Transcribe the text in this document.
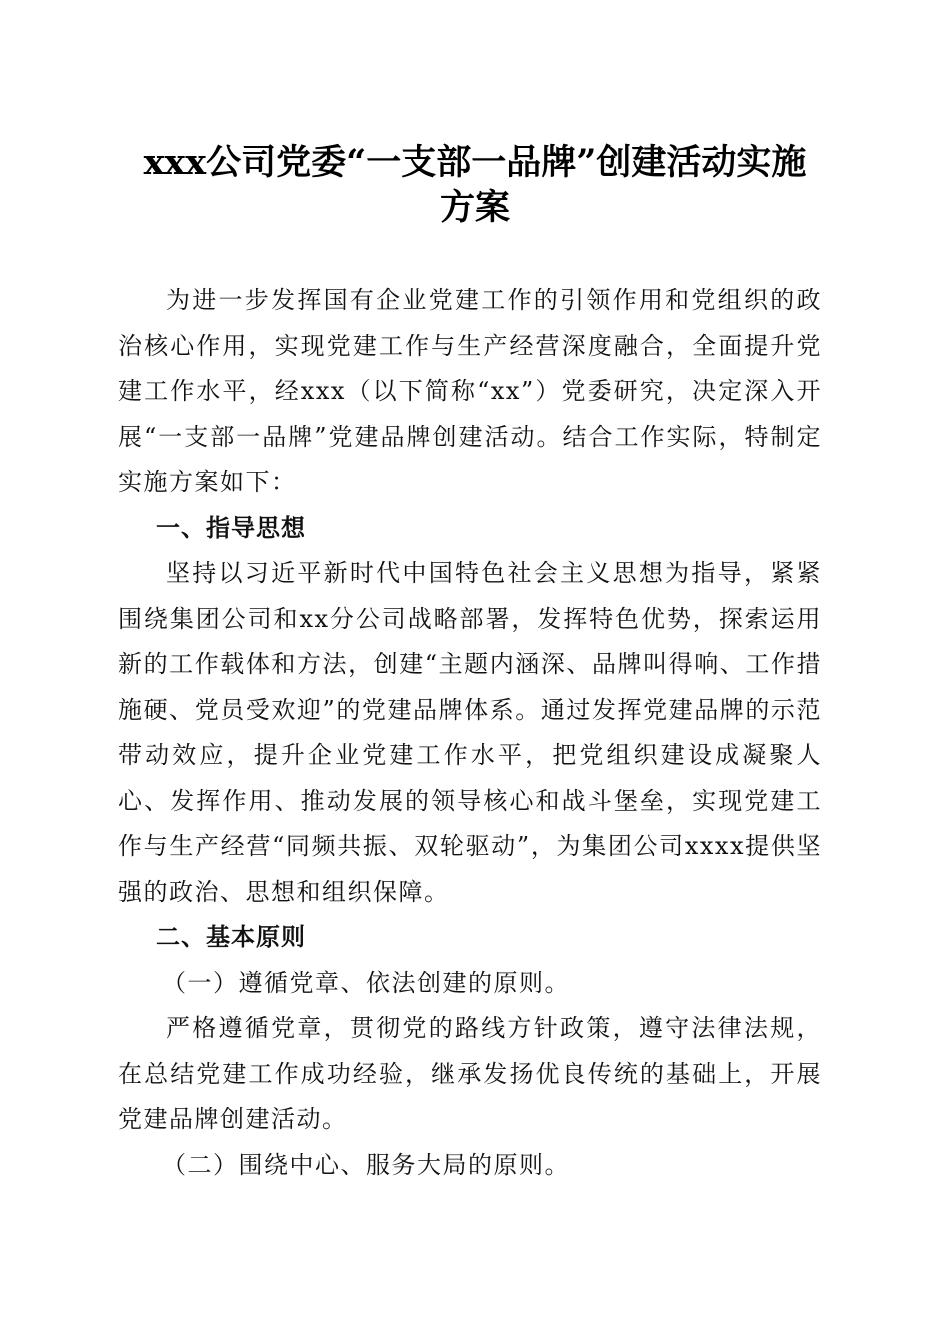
xxx公司党委“一支部一品牌”创建活动实施
方案

为进一步发挥国有企业党建工作的引领作用和党组织的政治核心作用，实现党建工作与生产经营深度融合，全面提升党建工作水平，经xxx（以下简称“xx”）党委研究，决定深入开展“一支部一品牌”党建品牌创建活动。结合工作实际，特制定实施方案如下：

一、指导思想

坚持以习近平新时代中国特色社会主义思想为指导，紧紧围绕集团公司和xx分公司战略部署，发挥特色优势，探索运用新的工作载体和方法，创建“主题内涵深、品牌叫得响、工作措施硬、党员受欢迎”的党建品牌体系。通过发挥党建品牌的示范带动效应，提升企业党建工作水平，把党组织建设成凝聚人心、发挥作用、推动发展的领导核心和战斗堡垒，实现党建工作与生产经营“同频共振、双轮驱动”，为集团公司xxxx提供坚强的政治、思想和组织保障。

二、基本原则

（一）遵循党章、依法创建的原则。

严格遵循党章，贯彻党的路线方针政策，遵守法律法规，在总结党建工作成功经验，继承发扬优良传统的基础上，开展党建品牌创建活动。

（二）围绕中心、服务大局的原则。
